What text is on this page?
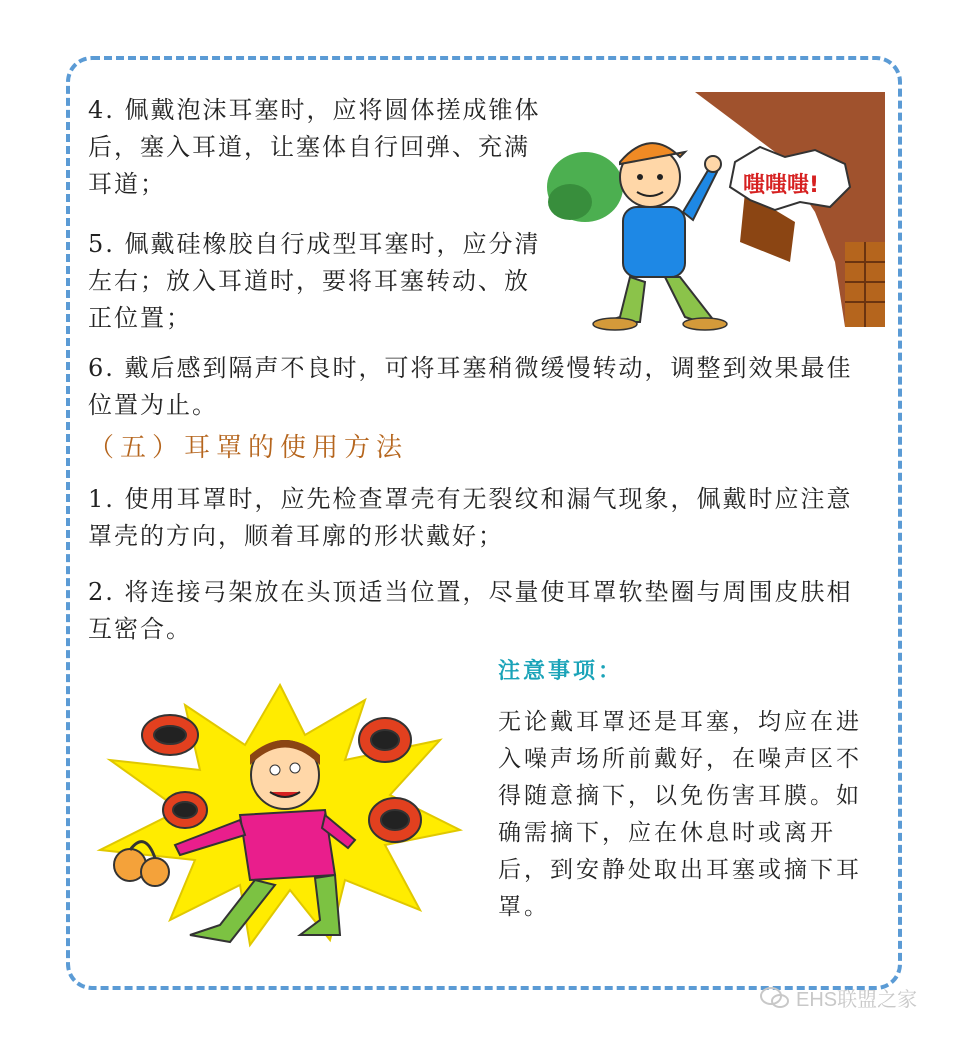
4. 佩戴泡沫耳塞时，应将圆体搓成锥体后，塞入耳道，让塞体自行回弹、充满耳道；

5. 佩戴硅橡胶自行成型耳塞时，应分清左右；放入耳道时，要将耳塞转动、放正位置；

嗤嗤嗤!

6. 戴后感到隔声不良时，可将耳塞稍微缓慢转动，调整到效果最佳位置为止。

（五）耳罩的使用方法

1. 使用耳罩时，应先检查罩壳有无裂纹和漏气现象，佩戴时应注意罩壳的方向，顺着耳廓的形状戴好；

2. 将连接弓架放在头顶适当位置，尽量使耳罩软垫圈与周围皮肤相互密合。

注意事项：

无论戴耳罩还是耳塞，均应在进入噪声场所前戴好，在噪声区不得随意摘下，以免伤害耳膜。如确需摘下，应在休息时或离开后，到安静处取出耳塞或摘下耳罩。

EHS联盟之家
